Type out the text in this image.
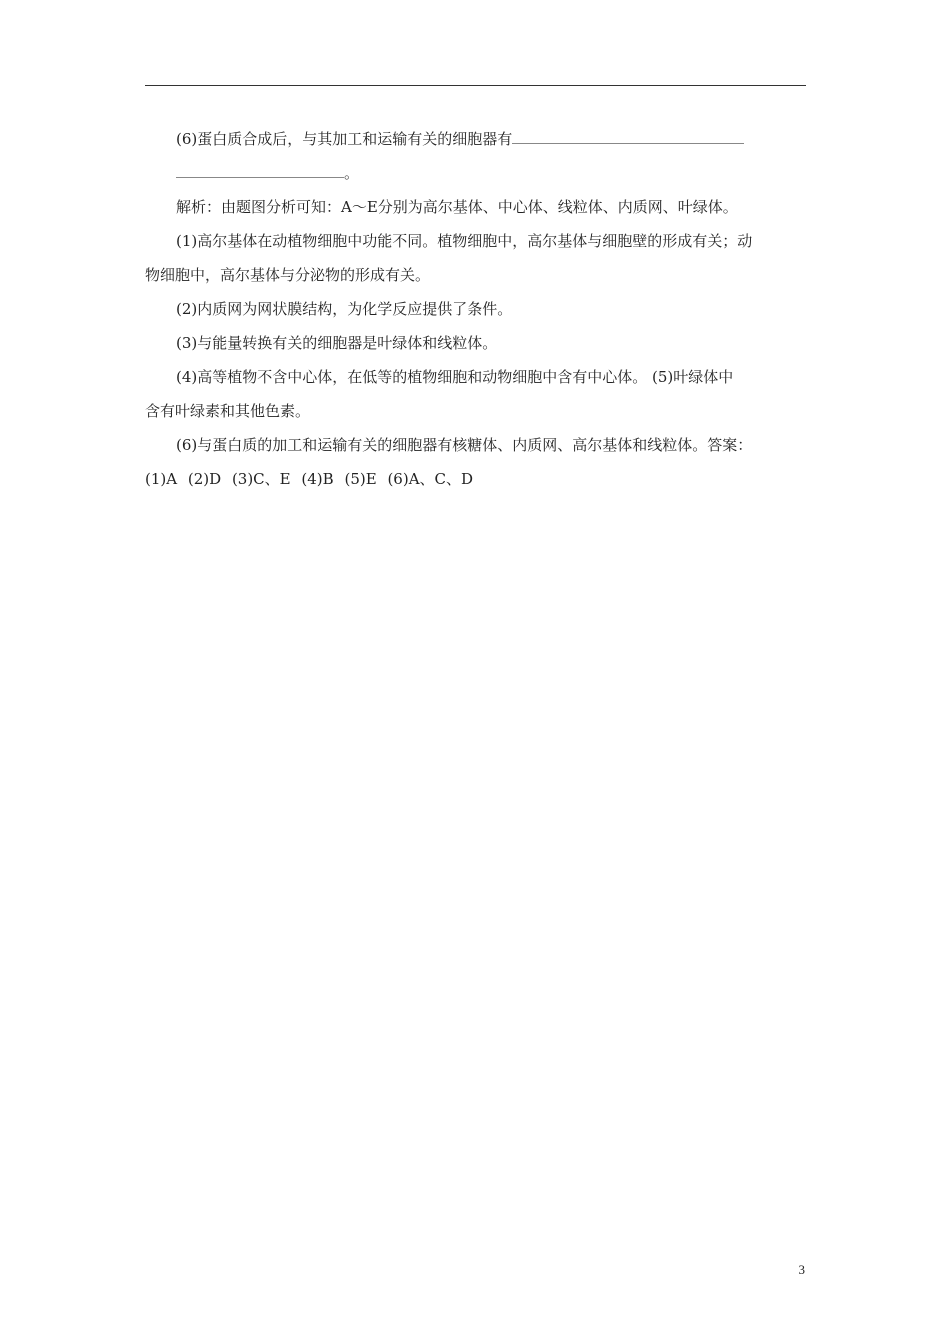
(6)蛋白质合成后，与其加工和运输有关的细胞器有
。
解析：由题图分析可知：A～E分别为高尔基体、中心体、线粒体、内质网、叶绿体。
(1)高尔基体在动植物细胞中功能不同。植物细胞中，高尔基体与细胞壁的形成有关；动
物细胞中，高尔基体与分泌物的形成有关。
(2)内质网为网状膜结构，为化学反应提供了条件。
(3)与能量转换有关的细胞器是叶绿体和线粒体。
(4)高等植物不含中心体，在低等的植物细胞和动物细胞中含有中心体。 (5)叶绿体中
含有叶绿素和其他色素。
(6)与蛋白质的加工和运输有关的细胞器有核糖体、内质网、高尔基体和线粒体。答案：
(1)A (2)D (3)C、E (4)B (5)E (6)A、C、D
3
